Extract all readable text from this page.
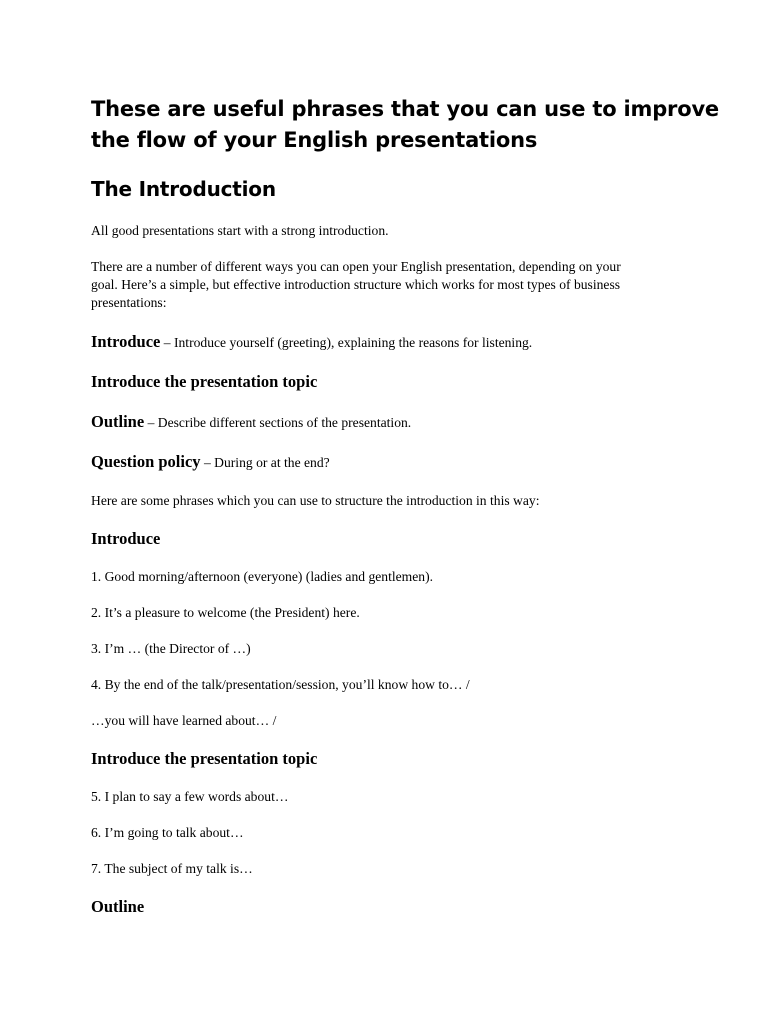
These are useful phrases that you can use to improve
the flow of your English presentations
The Introduction
All good presentations start with a strong introduction.
There are a number of different ways you can open your English presentation, depending on your
goal. Here’s a simple, but effective introduction structure which works for most types of business
presentations:
Introduce – Introduce yourself (greeting), explaining the reasons for listening.
Introduce the presentation topic
Outline – Describe different sections of the presentation.
Question policy – During or at the end?
Here are some phrases which you can use to structure the introduction in this way:
Introduce
1. Good morning/afternoon (everyone) (ladies and gentlemen).
2. It’s a pleasure to welcome (the President) here.
3. I’m … (the Director of …)
4. By the end of the talk/presentation/session, you’ll know how to… /
…you will have learned about… /
Introduce the presentation topic
5. I plan to say a few words about…
6. I’m going to talk about…
7. The subject of my talk is…
Outline
